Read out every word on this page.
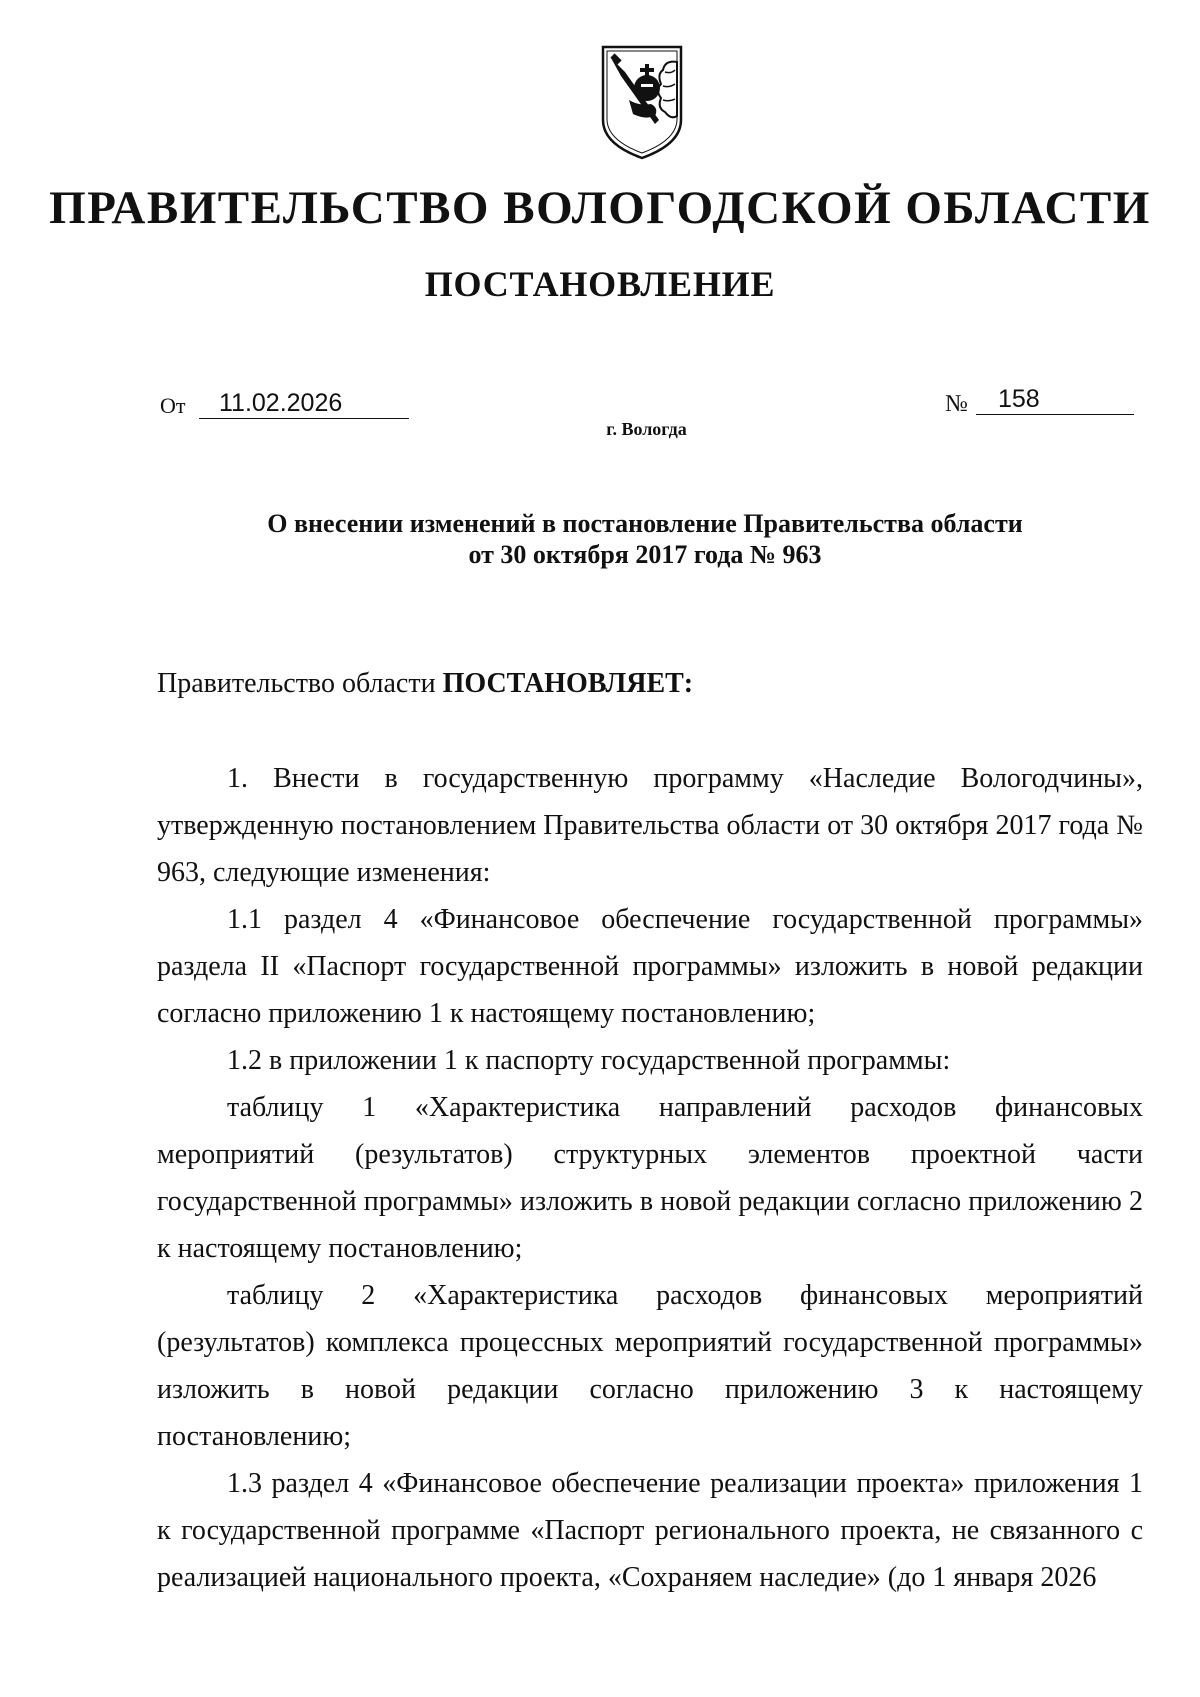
ПРАВИТЕЛЬСТВО ВОЛОГОДСКОЙ ОБЛАСТИ
ПОСТАНОВЛЕНИЕ
От	11.02.2026	№	158
г. Вологда
О внесении изменений в постановление Правительства области
от 30 октября 2017 года № 963
Правительство области ПОСТАНОВЛЯЕТ:

1. Внести в государственную программу «Наследие Вологодчины», утвержденную постановлением Правительства области от 30 октября 2017 года № 963, следующие изменения:

1.1 раздел 4 «Финансовое обеспечение государственной программы» раздела II «Паспорт государственной программы» изложить в новой редакции согласно приложению 1 к настоящему постановлению;

1.2 в приложении 1 к паспорту государственной программы:

таблицу 1 «Характеристика направлений расходов финансовых мероприятий (результатов) структурных элементов проектной части государственной программы» изложить в новой редакции согласно приложению 2 к настоящему постановлению;

таблицу 2 «Характеристика расходов финансовых мероприятий (результатов) комплекса процессных мероприятий государственной программы» изложить в новой редакции согласно приложению 3 к настоящему постановлению;

1.3 раздел 4 «Финансовое обеспечение реализации проекта» приложения 1 к государственной программе «Паспорт регионального проекта, не связанного с реализацией национального проекта, «Сохраняем наследие» (до 1 января 2026
